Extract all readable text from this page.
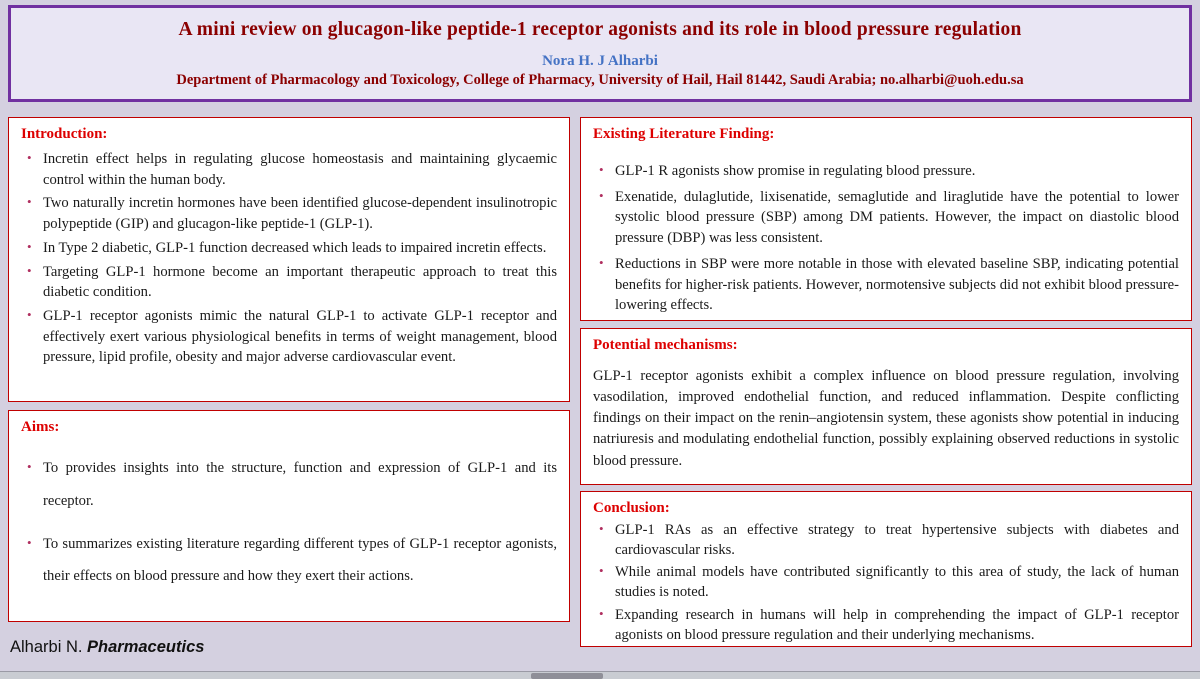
A mini review on glucagon-like peptide-1 receptor agonists and its role in blood pressure regulation
Nora H. J Alharbi
Department of Pharmacology and Toxicology, College of Pharmacy, University of Hail, Hail 81442, Saudi Arabia; no.alharbi@uoh.edu.sa
Introduction:
• Incretin effect helps in regulating glucose homeostasis and maintaining glycaemic control within the human body.
• Two naturally incretin hormones have been identified glucose-dependent insulinotropic polypeptide (GIP) and glucagon-like peptide-1 (GLP-1).
• In Type 2 diabetic, GLP-1 function decreased which leads to impaired incretin effects.
• Targeting GLP-1 hormone become an important therapeutic approach to treat this diabetic condition.
• GLP-1 receptor agonists mimic the natural GLP-1 to activate GLP-1 receptor and effectively exert various physiological benefits in terms of weight management, blood pressure, lipid profile, obesity and major adverse cardiovascular event.
Aims:
• To provides insights into the structure, function and expression of GLP-1 and its receptor.
• To summarizes existing literature regarding different types of GLP-1 receptor agonists, their effects on blood pressure and how they exert their actions.
Existing Literature Finding:
• GLP-1 R agonists show promise in regulating blood pressure.
• Exenatide, dulaglutide, lixisenatide, semaglutide and liraglutide have the potential to lower systolic blood pressure (SBP) among DM patients. However, the impact on diastolic blood pressure (DBP) was less consistent.
• Reductions in SBP were more notable in those with elevated baseline SBP, indicating potential benefits for higher-risk patients. However, normotensive subjects did not exhibit blood pressure-lowering effects.
Potential mechanisms:

GLP-1 receptor agonists exhibit a complex influence on blood pressure regulation, involving vasodilation, improved endothelial function, and reduced inflammation. Despite conflicting findings on their impact on the renin–angiotensin system, these agonists show potential in inducing natriuresis and modulating endothelial function, possibly explaining observed reductions in systolic blood pressure.

Conclusion:
• GLP-1 RAs as an effective strategy to treat hypertensive subjects with diabetes and cardiovascular risks.
• While animal models have contributed significantly to this area of study, the lack of human studies is noted.
• Expanding research in humans will help in comprehending the impact of GLP-1 receptor agonists on blood pressure regulation and their underlying mechanisms.
Alharbi N. Pharmaceutics
